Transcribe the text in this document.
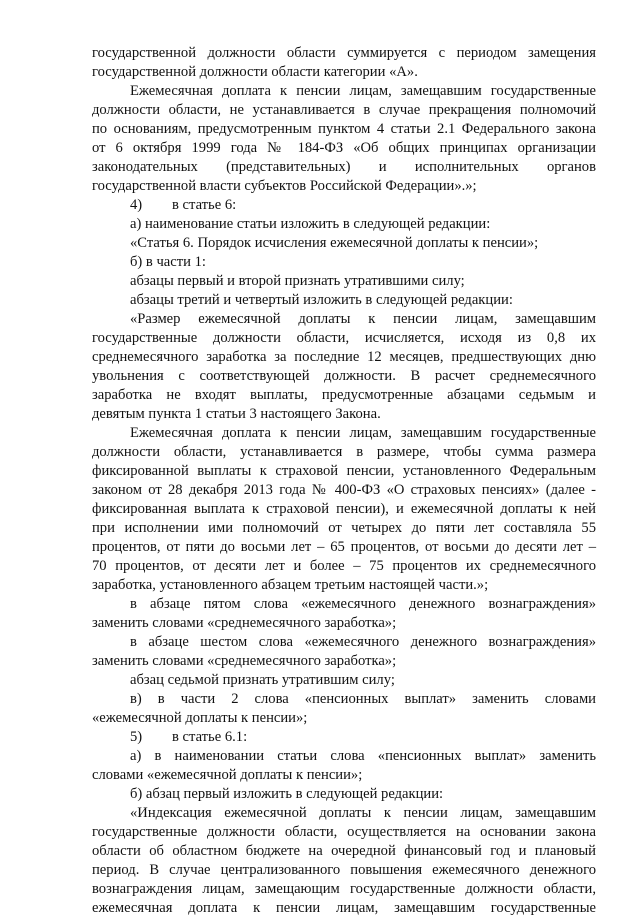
государственной должности области суммируется с периодом замещения
государственной должности области категории «А».
Ежемесячная доплата к пенсии лицам, замещавшим государственные
должности области, не устанавливается в случае прекращения полномочий
по основаниям, предусмотренным пунктом 4 статьи 2.1 Федерального закона
от 6 октября 1999 года № 184-ФЗ «Об общих принципах организации
законодательных (представительных) и исполнительных органов
государственной власти субъектов Российской Федерации».»;
4)	в статье 6:
а) наименование статьи изложить в следующей редакции:
«Статья 6. Порядок исчисления ежемесячной доплаты к пенсии»;
б) в части 1:
абзацы первый и второй признать утратившими силу;
абзацы третий и четвертый изложить в следующей редакции:
«Размер ежемесячной доплаты к пенсии лицам, замещавшим
государственные должности области, исчисляется, исходя из 0,8 их
среднемесячного заработка за последние 12 месяцев, предшествующих дню
увольнения с соответствующей должности. В расчет среднемесячного
заработка не входят выплаты, предусмотренные абзацами седьмым и
девятым пункта 1 статьи 3 настоящего Закона.
Ежемесячная доплата к пенсии лицам, замещавшим государственные
должности области, устанавливается в размере, чтобы сумма размера
фиксированной выплаты к страховой пенсии, установленного Федеральным
законом от 28 декабря 2013 года № 400-ФЗ «О страховых пенсиях» (далее -
фиксированная выплата к страховой пенсии), и ежемесячной доплаты к ней
при исполнении ими полномочий от четырех до пяти лет составляла 55
процентов, от пяти до восьми лет – 65 процентов, от восьми до десяти лет –
70 процентов, от десяти лет и более – 75 процентов их среднемесячного
заработка, установленного абзацем третьим настоящей части.»;
в абзаце пятом слова «ежемесячного денежного вознаграждения»
заменить словами «среднемесячного заработка»;
в абзаце шестом слова «ежемесячного денежного вознаграждения»
заменить словами «среднемесячного заработка»;
абзац седьмой признать утратившим силу;
в) в части 2 слова «пенсионных выплат» заменить словами
«ежемесячной доплаты к пенсии»;
5)	в статье 6.1:
а) в наименовании статьи слова «пенсионных выплат» заменить
словами «ежемесячной доплаты к пенсии»;
б) абзац первый изложить в следующей редакции:
«Индексация ежемесячной доплаты к пенсии лицам, замещавшим
государственные должности области, осуществляется на основании закона
области об областном бюджете на очередной финансовый год и плановый
период. В случае централизованного повышения ежемесячного денежного
вознаграждения лицам, замещающим государственные должности области,
ежемесячная доплата к пенсии лицам, замещавшим государственные
